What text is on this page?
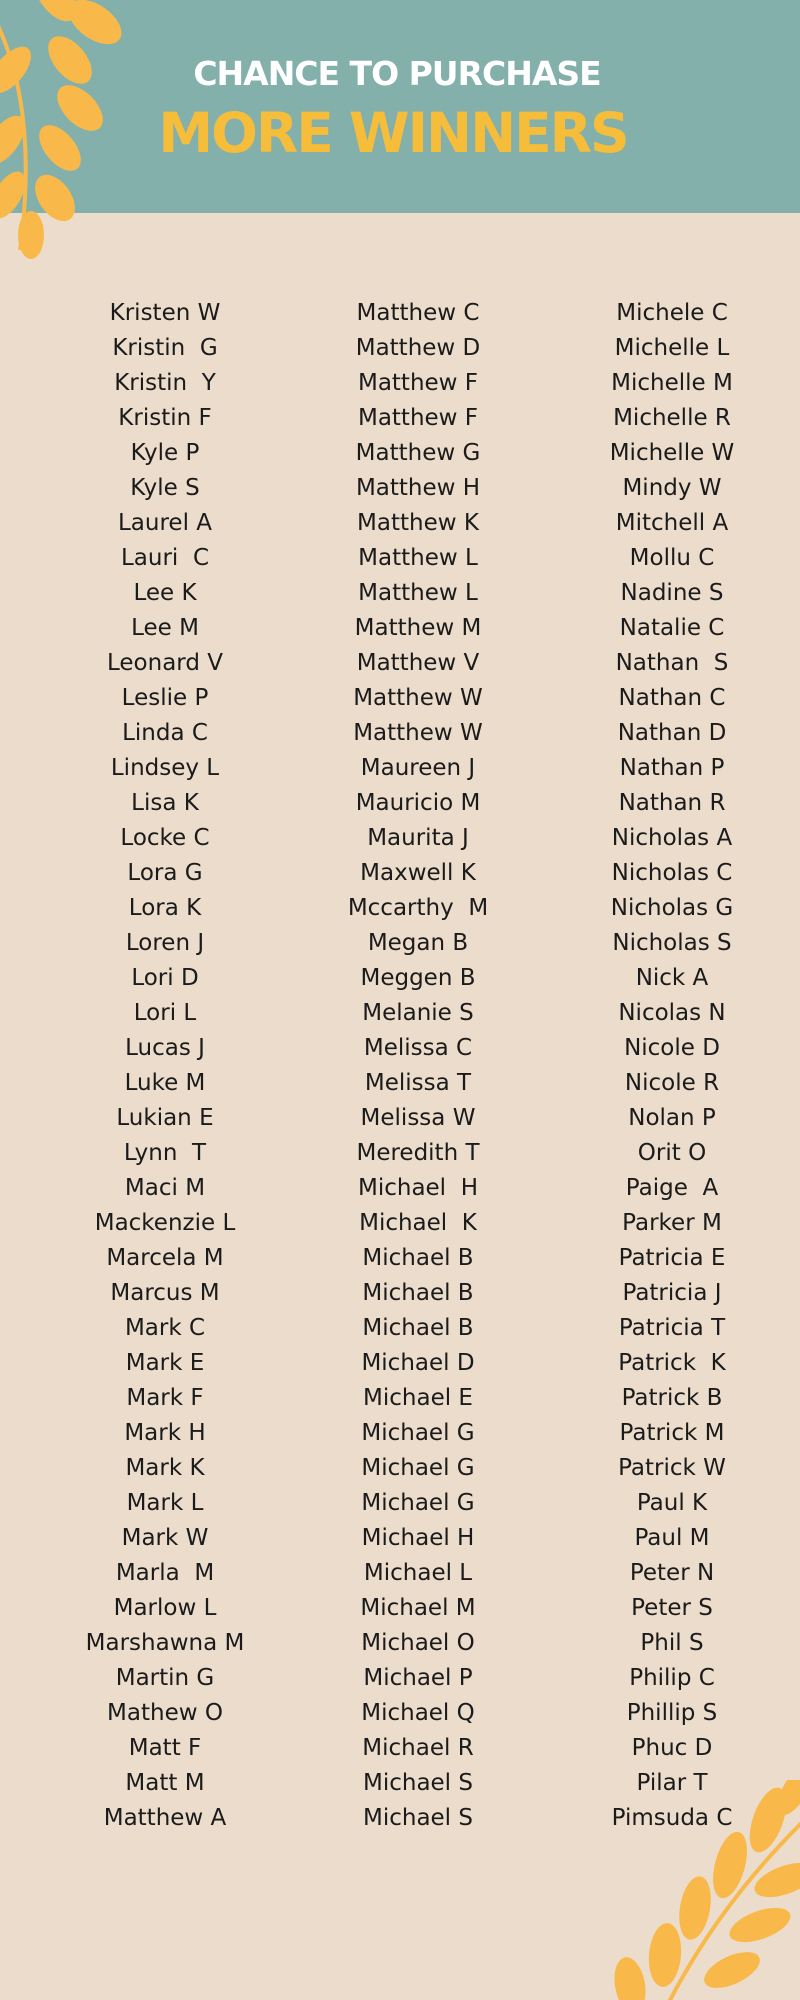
CHANCE TO PURCHASE
MORE WINNERS
Kristen W
Kristin  G
Kristin  Y
Kristin F
Kyle P
Kyle S
Laurel A
Lauri  C
Lee K
Lee M
Leonard V
Leslie P
Linda C
Lindsey L
Lisa K
Locke C
Lora G
Lora K
Loren J
Lori D
Lori L
Lucas J
Luke M
Lukian E
Lynn  T
Maci M
Mackenzie L
Marcela M
Marcus M
Mark C
Mark E
Mark F
Mark H
Mark K
Mark L
Mark W
Marla  M
Marlow L
Marshawna M
Martin G
Mathew O
Matt F
Matt M
Matthew A
Matthew C
Matthew D
Matthew F
Matthew F
Matthew G
Matthew H
Matthew K
Matthew L
Matthew L
Matthew M
Matthew V
Matthew W
Matthew W
Maureen J
Mauricio M
Maurita J
Maxwell K
Mccarthy  M
Megan B
Meggen B
Melanie S
Melissa C
Melissa T
Melissa W
Meredith T
Michael  H
Michael  K
Michael B
Michael B
Michael B
Michael D
Michael E
Michael G
Michael G
Michael G
Michael H
Michael L
Michael M
Michael O
Michael P
Michael Q
Michael R
Michael S
Michael S
Michele C
Michelle L
Michelle M
Michelle R
Michelle W
Mindy W
Mitchell A
Mollu C
Nadine S
Natalie C
Nathan  S
Nathan C
Nathan D
Nathan P
Nathan R
Nicholas A
Nicholas C
Nicholas G
Nicholas S
Nick A
Nicolas N
Nicole D
Nicole R
Nolan P
Orit O
Paige  A
Parker M
Patricia E
Patricia J
Patricia T
Patrick  K
Patrick B
Patrick M
Patrick W
Paul K
Paul M
Peter N
Peter S
Phil S
Philip C
Phillip S
Phuc D
Pilar T
Pimsuda C
